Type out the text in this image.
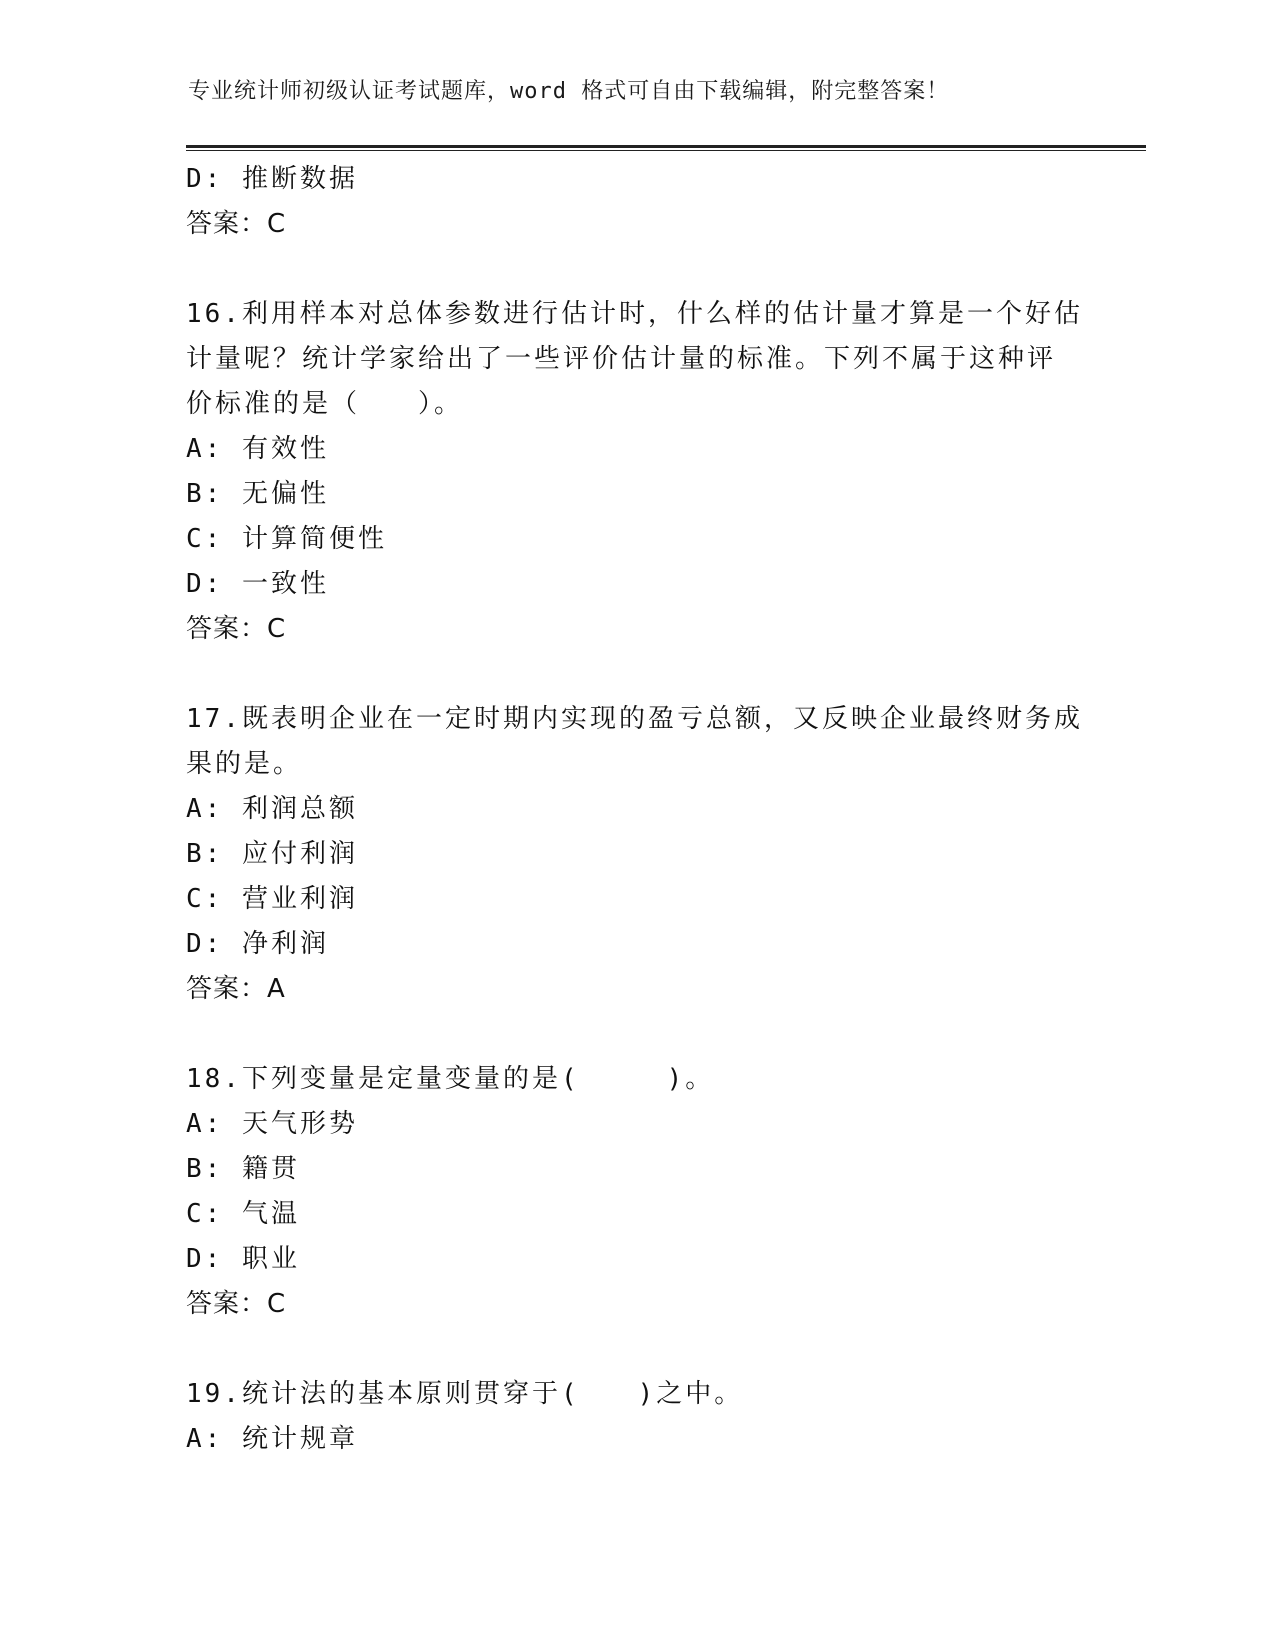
专业统计师初级认证考试题库，word 格式可自由下载编辑，附完整答案！
D: 推断数据
答案：C
16.利用样本对总体参数进行估计时，什么样的估计量才算是一个好估
计量呢？统计学家给出了一些评价估计量的标准。下列不属于这种评
价标准的是（　　）。
A: 有效性
B: 无偏性
C: 计算简便性
D: 一致性
答案：C
17.既表明企业在一定时期内实现的盈亏总额，又反映企业最终财务成
果的是。
A: 利润总额
B: 应付利润
C: 营业利润
D: 净利润
答案：A
18.下列变量是定量变量的是(　　　)。
A: 天气形势
B: 籍贯
C: 气温
D: 职业
答案：C
19.统计法的基本原则贯穿于(　　)之中。
A: 统计规章
